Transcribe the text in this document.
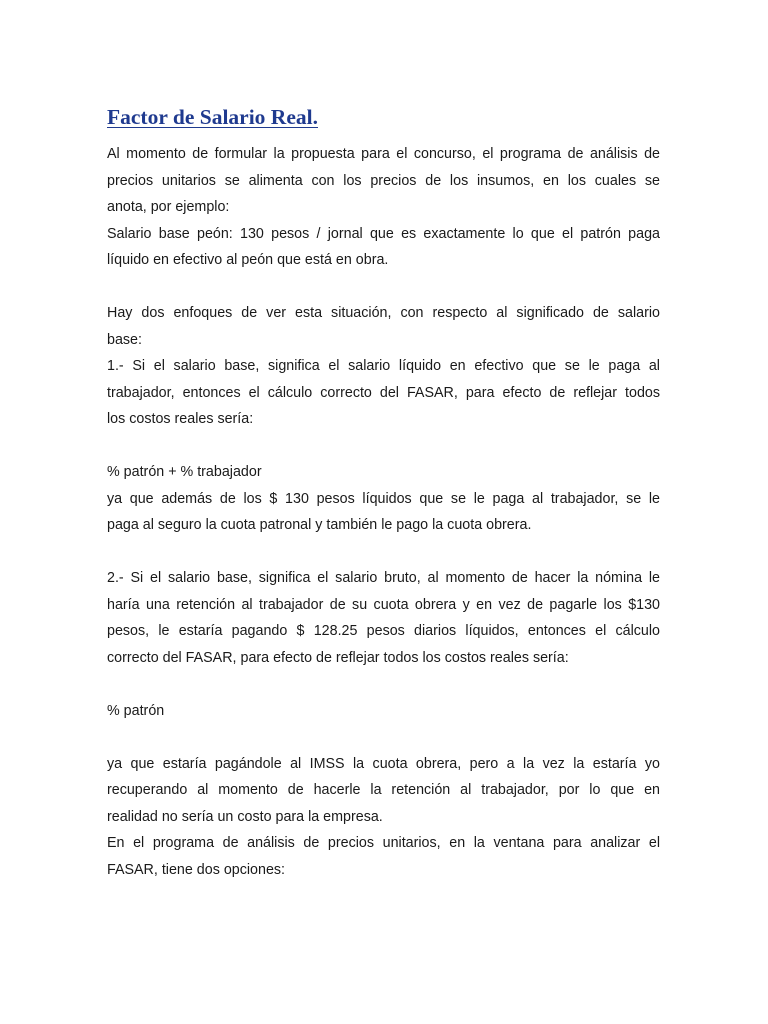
Factor de Salario Real.
Al momento de formular la propuesta para el concurso, el programa de análisis de
precios unitarios se alimenta con los precios de los insumos, en los cuales se
anota, por ejemplo:
Salario base peón: 130 pesos / jornal que es exactamente lo que el patrón paga
líquido en efectivo al peón que está en obra.
Hay dos enfoques de ver esta situación, con respecto al significado de salario
base:
1.- Si el salario base, significa el salario líquido en efectivo que se le paga al
trabajador, entonces el cálculo correcto del FASAR, para efecto de reflejar todos
los costos reales sería:
% patrón + % trabajador
ya que además de los $ 130 pesos líquidos que se le paga al trabajador, se le
paga al seguro la cuota patronal y también le pago la cuota obrera.
2.- Si el salario base, significa el salario bruto, al momento de hacer la nómina le
haría una retención al trabajador de su cuota obrera y en vez de pagarle los $130
pesos, le estaría pagando $ 128.25 pesos diarios líquidos, entonces el cálculo
correcto del FASAR, para efecto de reflejar todos los costos reales sería:
% patrón
ya que estaría pagándole al IMSS la cuota obrera, pero a la vez la estaría yo
recuperando al momento de hacerle la retención al trabajador, por lo que en
realidad no sería un costo para la empresa.
En el programa de análisis de precios unitarios, en la ventana para analizar el
FASAR, tiene dos opciones:
